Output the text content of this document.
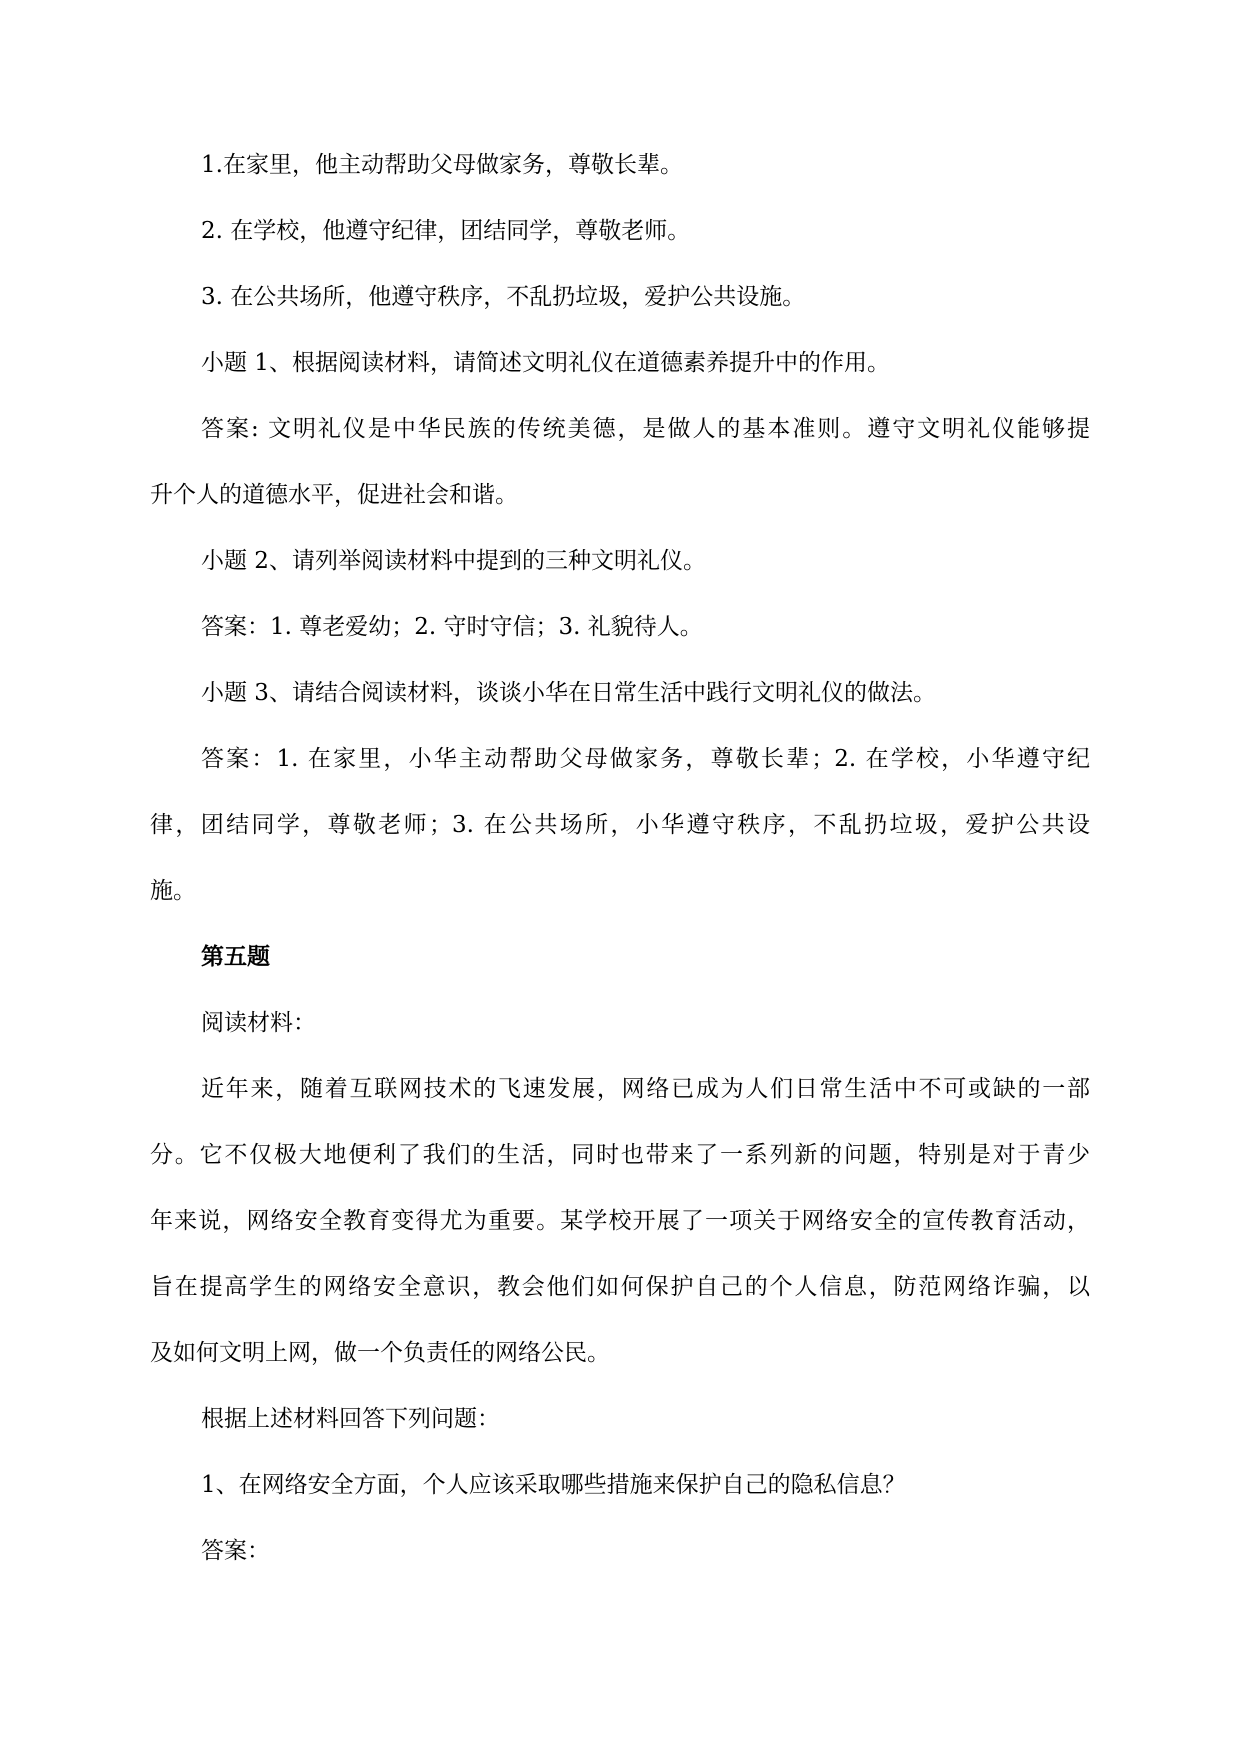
1.在家里，他主动帮助父母做家务，尊敬长辈。

2. 在学校，他遵守纪律，团结同学，尊敬老师。

3. 在公共场所，他遵守秩序，不乱扔垃圾，爱护公共设施。

小题 1、根据阅读材料，请简述文明礼仪在道德素养提升中的作用。

答案: 文明礼仪是中华民族的传统美德，是做人的基本准则。遵守文明礼仪能够提

升个人的道德水平，促进社会和谐。

小题 2、请列举阅读材料中提到的三种文明礼仪。

答案：1. 尊老爱幼；2. 守时守信；3. 礼貌待人。

小题 3、请结合阅读材料，谈谈小华在日常生活中践行文明礼仪的做法。

答案：1. 在家里，小华主动帮助父母做家务，尊敬长辈；2. 在学校，小华遵守纪

律，团结同学，尊敬老师；3. 在公共场所，小华遵守秩序，不乱扔垃圾，爱护公共设

施。

第五题

阅读材料：

近年来，随着互联网技术的飞速发展，网络已成为人们日常生活中不可或缺的一部

分。它不仅极大地便利了我们的生活，同时也带来了一系列新的问题，特别是对于青少

年来说，网络安全教育变得尤为重要。某学校开展了一项关于网络安全的宣传教育活动，

旨在提高学生的网络安全意识，教会他们如何保护自己的个人信息，防范网络诈骗，以

及如何文明上网，做一个负责任的网络公民。

根据上述材料回答下列问题：

1、在网络安全方面，个人应该采取哪些措施来保护自己的隐私信息？

答案：
